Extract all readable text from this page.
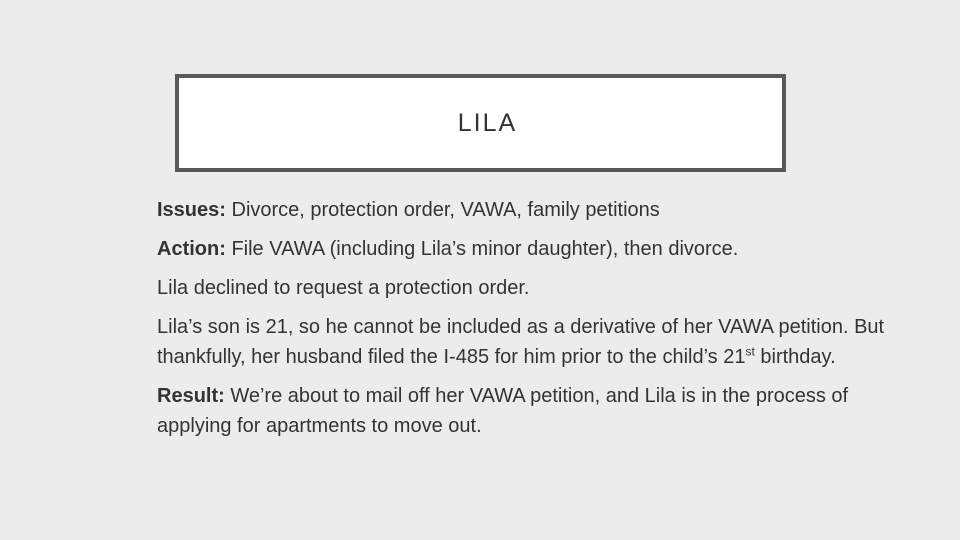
LILA

Issues: Divorce, protection order, VAWA, family petitions

Action: File VAWA (including Lila’s minor daughter), then divorce.

Lila declined to request a protection order.

Lila’s son is 21, so he cannot be included as a derivative of her VAWA petition. But thankfully, her husband filed the I-485 for him prior to the child’s 21st birthday.

Result: We’re about to mail off her VAWA petition, and Lila is in the process of applying for apartments to move out.
